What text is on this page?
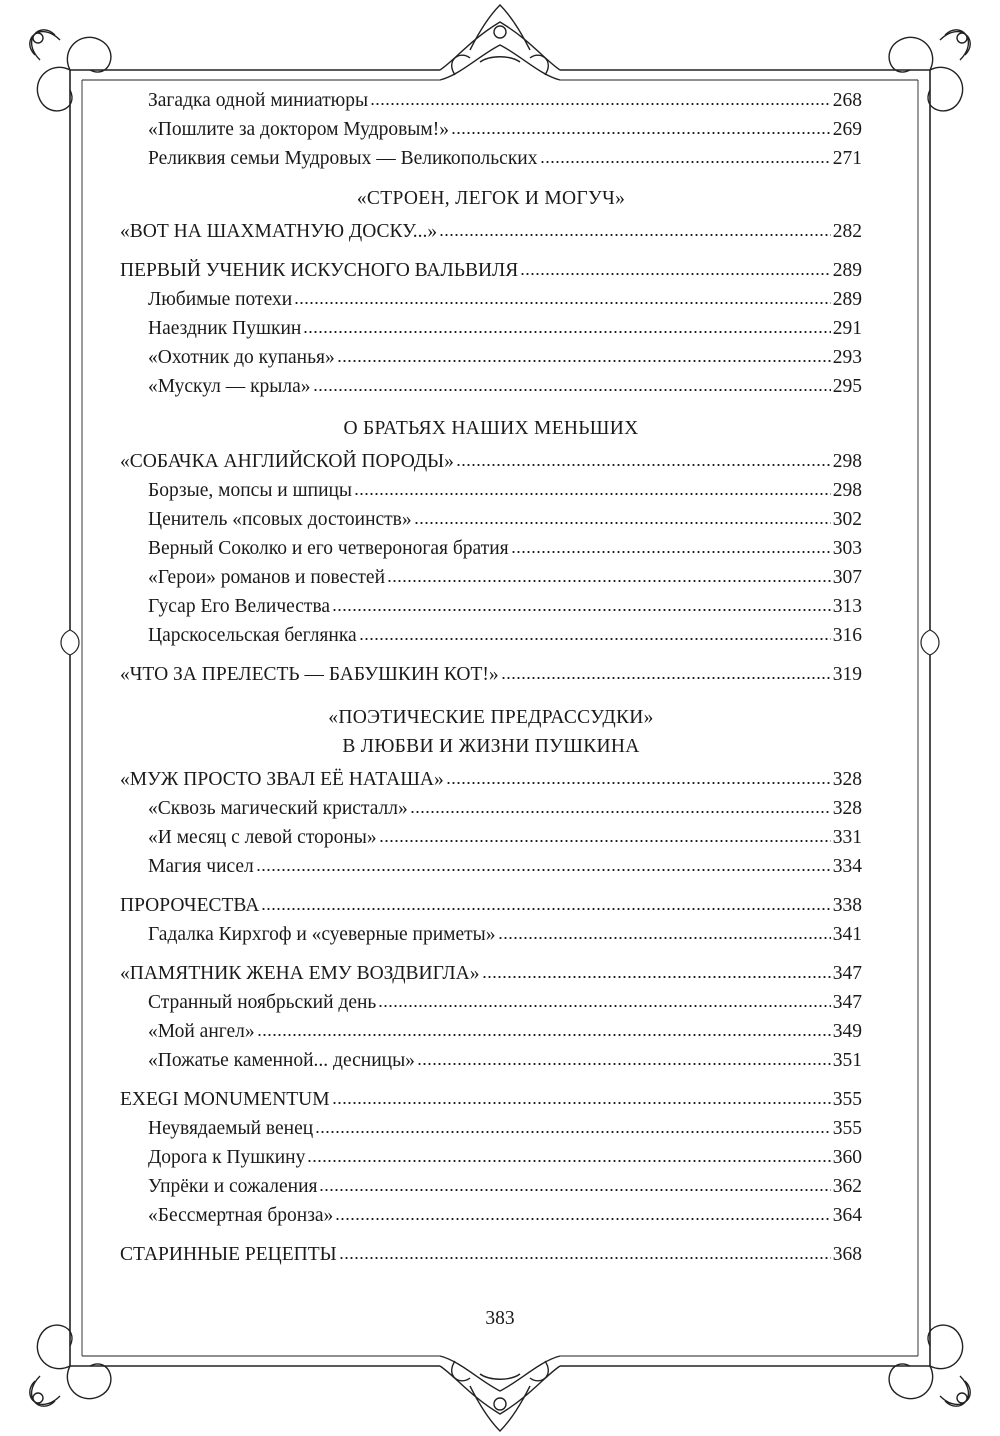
Загадка одной миниатюры	268
«Пошлите за доктором Мудровым!»	269
Реликвия семьи Мудровых — Великопольских	271
«СТРОЕН, ЛЕГОК И МОГУЧ»
«ВОТ НА ШАХМАТНУЮ ДОСКУ...»	282
ПЕРВЫЙ УЧЕНИК ИСКУСНОГО ВАЛЬВИЛЯ	289
Любимые потехи	289
Наездник Пушкин	291
«Охотник до купанья»	293
«Мускул — крыла»	295
О БРАТЬЯХ НАШИХ МЕНЬШИХ
«СОБАЧКА АНГЛИЙСКОЙ ПОРОДЫ»	298
Борзые, мопсы и шпицы	298
Ценитель «псовых достоинств»	302
Верный Соколко и его четвероногая братия	303
«Герои» романов и повестей	307
Гусар Его Величества	313
Царскосельская беглянка	316
«ЧТО ЗА ПРЕЛЕСТЬ — БАБУШКИН КОТ!»	319
«ПОЭТИЧЕСКИЕ ПРЕДРАССУДКИ»
В ЛЮБВИ И ЖИЗНИ ПУШКИНА
«МУЖ ПРОСТО ЗВАЛ ЕЁ НАТАША»	328
«Сквозь магический кристалл»	328
«И месяц с левой стороны»	331
Магия чисел	334
ПРОРОЧЕСТВА	338
Гадалка Кирхгоф и «суеверные приметы»	341
«ПАМЯТНИК ЖЕНА ЕМУ ВОЗДВИГЛА»	347
Странный ноябрьский день	347
«Мой ангел»	349
«Пожатье каменной... десницы»	351
EXEGI MONUMENTUM	355
Неувядаемый венец	355
Дорога к Пушкину	360
Упрёки и сожаления	362
«Бессмертная бронза»	364
СТАРИННЫЕ РЕЦЕПТЫ	368
383
